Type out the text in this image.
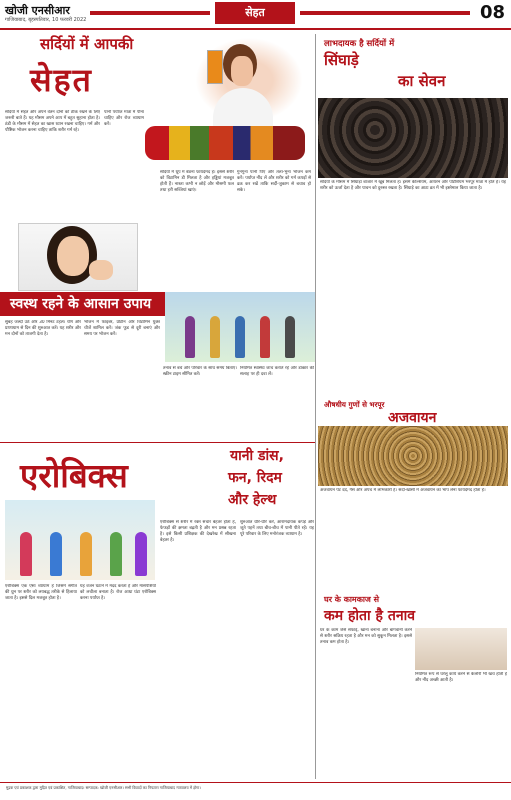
खोजी एनसीआर
गाजियाबाद, बृहस्पतिवार, 10 फरवरी 2022
सेहत	08
सर्दियों में आपकी
सेहत
सर्दियों में सेहत और अपने वेतन दोनों को ठीक रखने के लिए जरूरी बाते हैं। यह मौसम अपने आप में बहुत सुहाना होता है। ठंडी के मौसम में सेहत का खास ध्यान रखना चाहिए। गर्म और पौष्टिक भोजन करना चाहिए ताकि शरीर गर्म रहे।
पानी पर्याप्त मात्रा में पीना चाहिए और रोज व्यायाम करें।
सर्दियों में धूप में बैठना फायदेमंद है। इससे शरीर को विटामिन डी मिलता है और हड्डियां मजबूत होती हैं। नाश्ता कभी न छोड़ें और मौसमी फल तथा हरी सब्जियां खाएं।
गुनगुना पानी पिएं और तला-भुना भोजन कम करें। पर्याप्त नींद लें और शरीर को गर्म कपड़ों से ढक कर रखें ताकि सर्दी-जुकाम से बचाव हो सके।
स्वस्थ रहने के आसान उपाय
सुबह जल्दी उठें और 30 मिनट टहलें। योग और प्राणायाम से दिन की शुरुआत करें। यह शरीर और मन दोनों को ताजगी देता है।
भोजन में फाइबर, प्रोटीन और विटामिन युक्त चीजें शामिल करें। जंक फूड से दूरी बनाएं और समय पर भोजन करें।
तनाव से बचें और परिवार के साथ समय बिताएं। स्क्रीन टाइम सीमित करें।
नियमित स्वास्थ्य जांच कराते रहें और डॉक्टर की सलाह पर ही दवा लें।
एरोबिक्स	यानी डांस,
फन, रिदम
और हेल्थ
एरोबिक्स एक ऐसा व्यायाम है जिसमें संगीत की धुन पर शरीर को लयबद्ध तरीके से हिलाया जाता है। इससे दिल मजबूत होता है।
यह वजन घटाने में मदद करता है और मांसपेशियों को लचीला बनाता है। रोज आधा घंटा एरोबिक्स करना पर्याप्त है।
एरोबिक्स से शरीर में रक्त संचार बेहतर होता है, फेफड़ों की क्षमता बढ़ती है और मन प्रसन्न रहता है। इसे किसी प्रशिक्षक की देखरेख में सीखना बेहतर है।
शुरुआत धीरे-धीरे करें, आरामदायक कपड़े और जूते पहनें तथा बीच-बीच में पानी पीते रहें। यह पूरे परिवार के लिए मनोरंजक व्यायाम है।
लाभदायक है सर्दियों में
सिंघाड़े
का सेवन
सर्दियों के मौसम में सिंघाड़ा बाजार में खूब मिलता है। इसमें कैल्शियम, आयरन और पोटैशियम भरपूर मात्रा में होते हैं। यह शरीर को ऊर्जा देता है और पाचन को दुरुस्त रखता है। सिंघाड़े का आटा व्रत में भी इस्तेमाल किया जाता है।
औषधीय गुणों से भरपूर
अजवायन
अजवायन पेट दर्द, गैस और अपच में लाभकारी है। सर्दी-खांसी में अजवायन का भाप लेना फायदेमंद होता है।
घर के कामकाज से
कम होता है तनाव
घर के काम जैसे सफाई, खाना बनाना और बागवानी करने से शरीर सक्रिय रहता है और मन को सुकून मिलता है। इससे तनाव कम होता है।
नियमित रूप से घरेलू कार्य करने से कैलोरी भी खर्च होती है और नींद अच्छी आती है।
मुद्रक एवं प्रकाशक द्वारा मुद्रित एवं प्रकाशित, गाजियाबाद। सम्पादक: खोजी एनसीआर। सभी विवादों का निपटारा गाजियाबाद न्यायालय में होगा।
